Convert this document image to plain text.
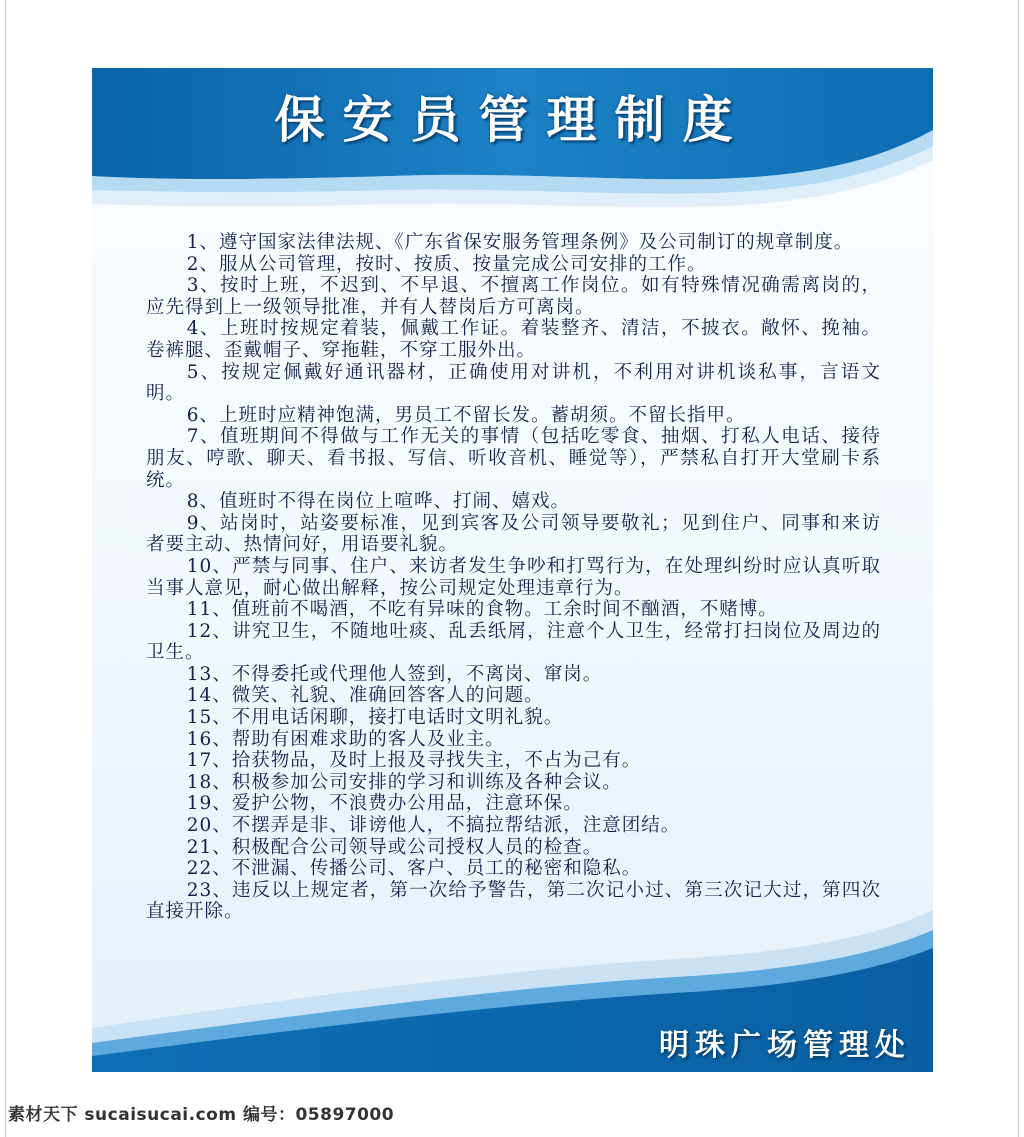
保安员管理制度

1、遵守国家法律法规、《广东省保安服务管理条例》及公司制订的规章制度。

2、服从公司管理，按时、按质、按量完成公司安排的工作。

3、按时上班，不迟到、不早退、不擅离工作岗位。如有特殊情况确需离岗的，应先得到上一级领导批准，并有人替岗后方可离岗。

4、上班时按规定着装，佩戴工作证。着装整齐、清洁，不披衣。敞怀、挽袖。卷裤腿、歪戴帽子、穿拖鞋，不穿工服外出。

5、按规定佩戴好通讯器材，正确使用对讲机，不利用对讲机谈私事，言语文明。

6、上班时应精神饱满，男员工不留长发。蓄胡须。不留长指甲。

7、值班期间不得做与工作无关的事情（包括吃零食、抽烟、打私人电话、接待朋友、哼歌、聊天、看书报、写信、听收音机、睡觉等），严禁私自打开大堂刷卡系统。

8、值班时不得在岗位上喧哗、打闹、嬉戏。

9、站岗时，站姿要标准，见到宾客及公司领导要敬礼；见到住户、同事和来访者要主动、热情问好，用语要礼貌。

10、严禁与同事、住户、来访者发生争吵和打骂行为，在处理纠纷时应认真听取当事人意见，耐心做出解释，按公司规定处理违章行为。

11、值班前不喝酒，不吃有异味的食物。工余时间不酗酒，不赌博。

12、讲究卫生，不随地吐痰、乱丢纸屑，注意个人卫生，经常打扫岗位及周边的卫生。

13、不得委托或代理他人签到，不离岗、窜岗。

14、微笑、礼貌、准确回答客人的问题。

15、不用电话闲聊，接打电话时文明礼貌。

16、帮助有困难求助的客人及业主。

17、拾获物品，及时上报及寻找失主，不占为己有。

18、积极参加公司安排的学习和训练及各种会议。

19、爱护公物，不浪费办公用品，注意环保。

20、不摆弄是非、诽谤他人，不搞拉帮结派，注意团结。

21、积极配合公司领导或公司授权人员的检查。

22、不泄漏、传播公司、客户、员工的秘密和隐私。

23、违反以上规定者，第一次给予警告，第二次记小过、第三次记大过，第四次直接开除。

明珠广场管理处
素材天下 sucaisucai.com 编号：05897000
